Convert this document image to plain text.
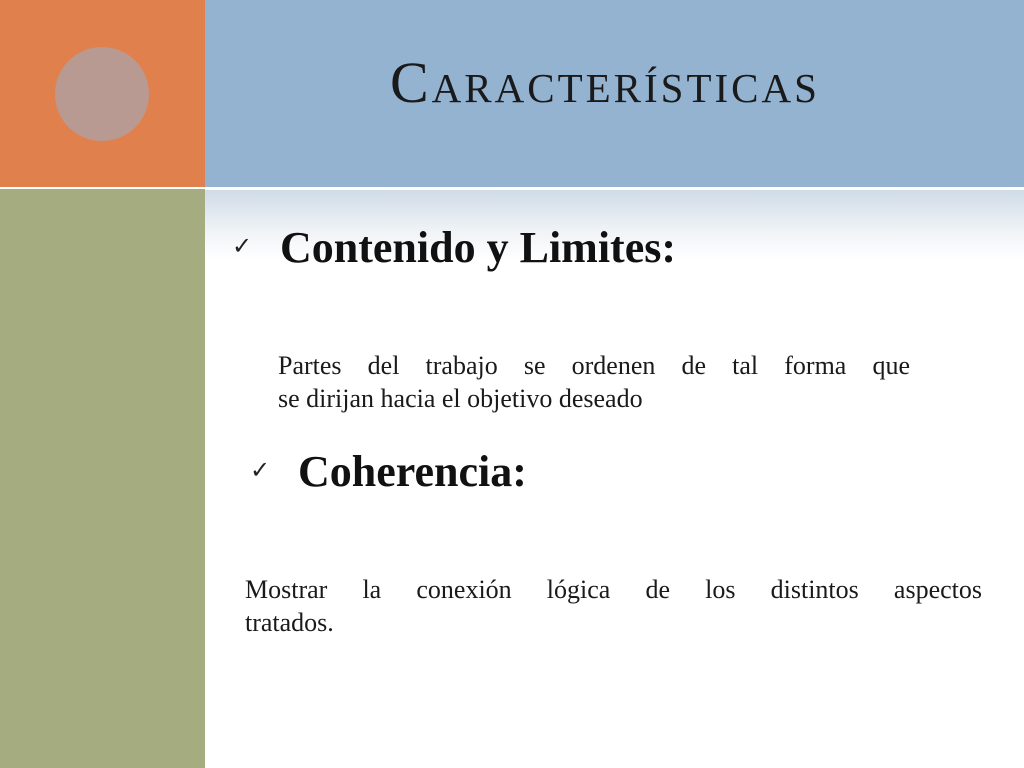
Características
✓ Contenido y Limites:

Partes del trabajo se ordenen de tal forma que
se dirijan hacia el objetivo deseado

✓ Coherencia:

Mostrar la conexión lógica de los distintos aspectos
tratados.
